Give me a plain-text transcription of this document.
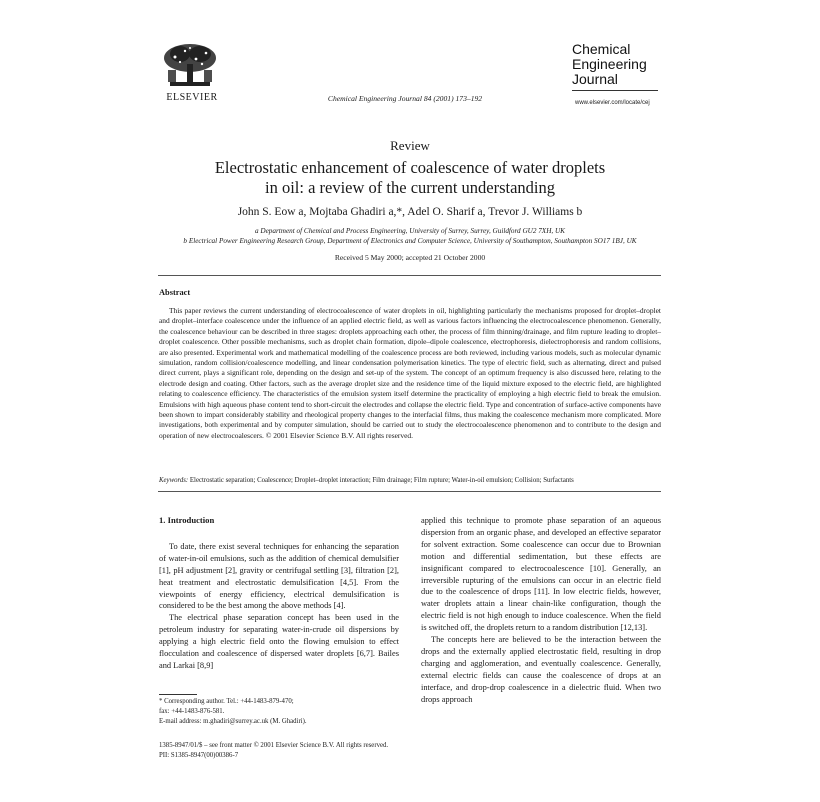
ELSEVIER	Chemical Engineering Journal 84 (2001) 173–192
Chemical
Engineering
Journal
www.elsevier.com/locate/cej
Review
Electrostatic enhancement of coalescence of water droplets
in oil: a review of the current understanding
John S. Eow a, Mojtaba Ghadiri a,*, Adel O. Sharif a, Trevor J. Williams b
a Department of Chemical and Process Engineering, University of Surrey, Surrey, Guildford GU2 7XH, UK
b Electrical Power Engineering Research Group, Department of Electronics and Computer Science, University of Southampton, Southampton SO17 1BJ, UK
Received 5 May 2000; accepted 21 October 2000
Abstract
This paper reviews the current understanding of electrocoalescence of water droplets in oil, highlighting particularly the mechanisms proposed for droplet–droplet and droplet–interface coalescence under the influence of an applied electric field, as well as various factors influencing the electrocoalescence phenomenon. Generally, the coalescence behaviour can be described in three stages: droplets approaching each other, the process of film thinning/drainage, and film rupture leading to droplet–droplet coalescence. Other possible mechanisms, such as droplet chain formation, dipole–dipole coalescence, electrophoresis, dielectrophoresis and random collisions, are also presented. Experimental work and mathematical modelling of the coalescence process are both reviewed, including various models, such as molecular dynamic simulation, random collision/coalescence modelling, and linear condensation polymerisation kinetics. The type of electric field, such as alternating, direct and pulsed direct current, plays a significant role, depending on the design and set-up of the system. The concept of an optimum frequency is also discussed here, relating to the electrode design and coating. Other factors, such as the average droplet size and the residence time of the liquid mixture exposed to the electric field, are highlighted relating to coalescence efficiency. The characteristics of the emulsion system itself determine the practicality of employing a high electric field to break the emulsion. Emulsions with high aqueous phase content tend to short-circuit the electrodes and collapse the electric field. Type and concentration of surface-active components have been shown to impart considerably stability and rheological property changes to the interfacial films, thus making the coalescence mechanism more complicated. More investigations, both experimental and by computer simulation, should be carried out to study the electrocoalescence phenomenon and to contribute to the design and operation of new electrocoalescers. © 2001 Elsevier Science B.V. All rights reserved.
Keywords: Electrostatic separation; Coalescence; Droplet–droplet interaction; Film drainage; Film rupture; Water-in-oil emulsion; Collision; Surfactants
1. Introduction

To date, there exist several techniques for enhancing the separation of water-in-oil emulsions, such as the addition of chemical demulsifier [1], pH adjustment [2], gravity or centrifugal settling [3], filtration [2], heat treatment and electrostatic demulsification [4,5]. From the viewpoints of energy efficiency, electrical demulsification is considered to be the best among the above methods [4].

The electrical phase separation concept has been used in the petroleum industry for separating water-in-crude oil dispersions by applying a high electric field onto the flowing emulsion to effect flocculation and coalescence of dispersed water droplets [6,7]. Bailes and Larkai [8,9]

* Corresponding author. Tel.: +44-1483-879-470;
fax: +44-1483-876-581.
E-mail address: m.ghadiri@surrey.ac.uk (M. Ghadiri).

applied this technique to promote phase separation of an aqueous dispersion from an organic phase, and developed an effective separator for solvent extraction. Some coalescence can occur due to Brownian motion and differential sedimentation, but these effects are insignificant compared to electrocoalescence [10]. Generally, an irreversible rupturing of the emulsions can occur in an electric field due to the coalescence of drops [11]. In low electric fields, however, water droplets attain a linear chain-like configuration, though the electric field is not high enough to induce coalescence. When the field is switched off, the droplets return to a random distribution [12,13].

The concepts here are believed to be the interaction between the drops and the externally applied electrostatic field, resulting in drop charging and agglomeration, and eventually coalescence. Generally, external electric fields can cause the coalescence of drops at an interface, and drop-drop coalescence in a dielectric fluid. When two drops approach

1385-8947/01/$ – see front matter © 2001 Elsevier Science B.V. All rights reserved.
PII: S1385-8947(00)00386-7
